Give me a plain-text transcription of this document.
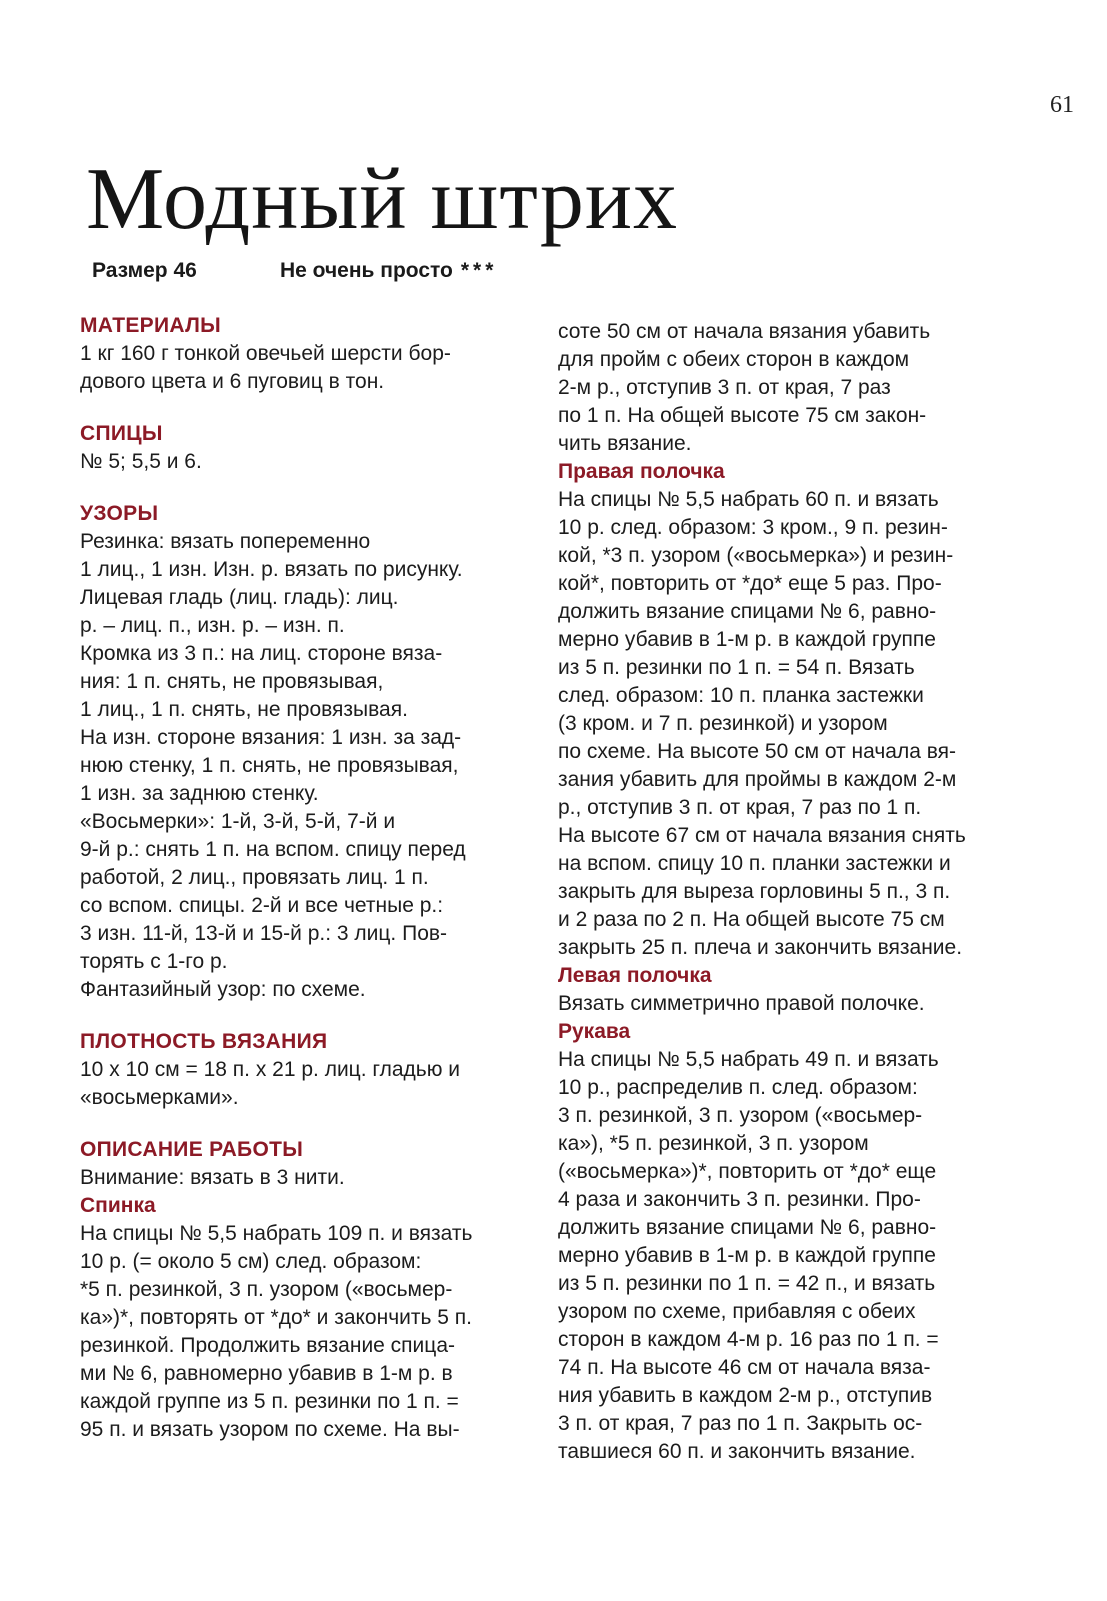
61
Модный штрих
Размер 46	Не очень просто ***
МАТЕРИАЛЫ
1 кг 160 г тонкой овечьей шерсти бор-
дового цвета и 6 пуговиц в тон.
СПИЦЫ
№ 5; 5,5 и 6.
УЗОРЫ
Резинка: вязать попеременно
1 лиц., 1 изн. Изн. р. вязать по рисунку.
Лицевая гладь (лиц. гладь): лиц.
р. – лиц. п., изн. р. – изн. п.
Кромка из 3 п.: на лиц. стороне вяза-
ния: 1 п. снять, не провязывая,
1 лиц., 1 п. снять, не провязывая.
На изн. стороне вязания: 1 изн. за зад-
нюю стенку, 1 п. снять, не провязывая,
1 изн. за заднюю стенку.
«Восьмерки»: 1-й, 3-й, 5-й, 7-й и
9-й р.: снять 1 п. на вспом. спицу перед
работой, 2 лиц., провязать лиц. 1 п.
со вспом. спицы. 2-й и все четные р.:
3 изн. 11-й, 13-й и 15-й р.: 3 лиц. Пов-
торять с 1-го р.
Фантазийный узор: по схеме.
ПЛОТНОСТЬ ВЯЗАНИЯ
10 х 10 см = 18 п. х 21 р. лиц. гладью и
«восьмерками».
ОПИСАНИЕ РАБОТЫ
Внимание: вязать в 3 нити.
Спинка
На спицы № 5,5 набрать 109 п. и вязать
10 р. (= около 5 см) след. образом:
*5 п. резинкой, 3 п. узором («восьмер-
ка»)*, повторять от *до* и закончить 5 п.
резинкой. Продолжить вязание спица-
ми № 6, равномерно убавив в 1-м р. в
каждой группе из 5 п. резинки по 1 п. =
95 п. и вязать узором по схеме. На вы-
соте 50 см от начала вязания убавить
для пройм с обеих сторон в каждом
2-м р., отступив 3 п. от края, 7 раз
по 1 п. На общей высоте 75 см закон-
чить вязание.
Правая полочка
На спицы № 5,5 набрать 60 п. и вязать
10 р. след. образом: 3 кром., 9 п. резин-
кой, *3 п. узором («восьмерка») и резин-
кой*, повторить от *до* еще 5 раз. Про-
должить вязание спицами № 6, равно-
мерно убавив в 1-м р. в каждой группе
из 5 п. резинки по 1 п. = 54 п. Вязать
след. образом: 10 п. планка застежки
(3 кром. и 7 п. резинкой) и узором
по схеме. На высоте 50 см от начала вя-
зания убавить для проймы в каждом 2-м
р., отступив 3 п. от края, 7 раз по 1 п.
На высоте 67 см от начала вязания снять
на вспом. спицу 10 п. планки застежки и
закрыть для выреза горловины 5 п., 3 п.
и 2 раза по 2 п. На общей высоте 75 см
закрыть 25 п. плеча и закончить вязание.
Левая полочка
Вязать симметрично правой полочке.
Рукава
На спицы № 5,5 набрать 49 п. и вязать
10 р., распределив п. след. образом:
3 п. резинкой, 3 п. узором («восьмер-
ка»), *5 п. резинкой, 3 п. узором
(«восьмерка»)*, повторить от *до* еще
4 раза и закончить 3 п. резинки. Про-
должить вязание спицами № 6, равно-
мерно убавив в 1-м р. в каждой группе
из 5 п. резинки по 1 п. = 42 п., и вязать
узором по схеме, прибавляя с обеих
сторон в каждом 4-м р. 16 раз по 1 п. =
74 п. На высоте 46 см от начала вяза-
ния убавить в каждом 2-м р., отступив
3 п. от края, 7 раз по 1 п. Закрыть ос-
тавшиеся 60 п. и закончить вязание.
